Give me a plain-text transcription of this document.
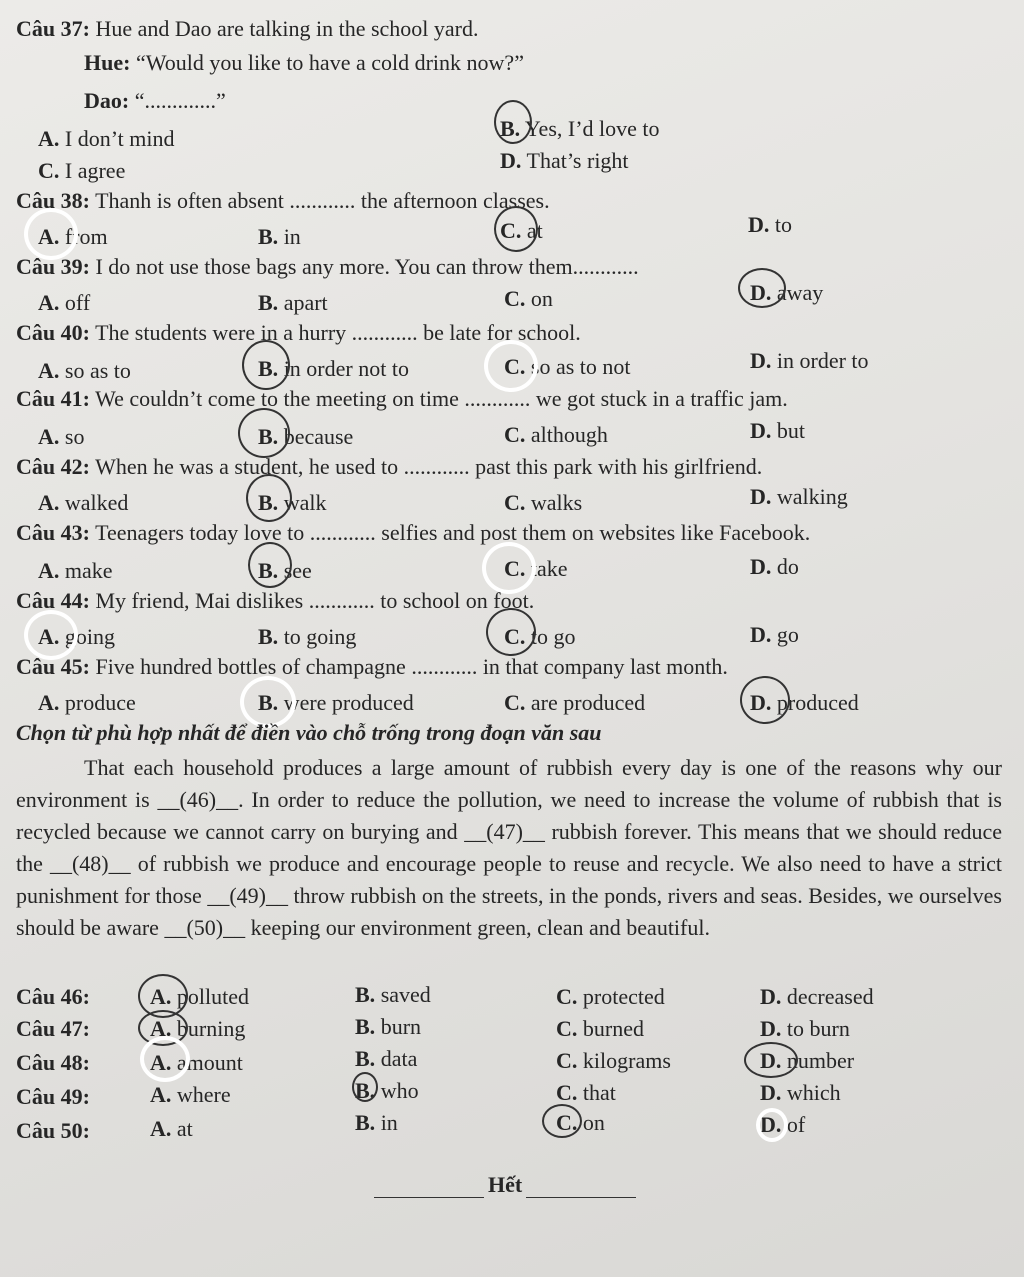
Câu 37: Hue and Dao are talking in the school yard.
Hue: “Would you like to have a cold drink now?”
Dao: “.............”
A. I don’t mind	B. Yes, I’d love to
C. I agree	D. That’s right
Câu 38: Thanh is often absent ............ the afternoon classes.
A. from	B. in	C. at	D. to
Câu 39: I do not use those bags any more. You can throw them............
A. off	B. apart	C. on	D. away
Câu 40: The students were in a hurry ............ be late for school.
A. so as to	B. in order not to	C. so as to not	D. in order to
Câu 41: We couldn’t come to the meeting on time ............ we got stuck in a traffic jam.
A. so	B. because	C. although	D. but
Câu 42: When he was a student, he used to ............ past this park with his girlfriend.
A. walked	B. walk	C. walks	D. walking
Câu 43: Teenagers today love to ............ selfies and post them on websites like Facebook.
A. make	B. see	C. take	D. do
Câu 44: My friend, Mai dislikes ............ to school on foot.
A. going	B. to going	C. to go	D. go
Câu 45: Five hundred bottles of champagne ............ in that company last month.
A. produce	B. were produced	C. are produced	D. produced
Chọn từ phù hợp nhất để điền vào chỗ trống trong đoạn văn sau
That each household produces a large amount of rubbish every day is one of the reasons why our environment is __(46)__. In order to reduce the pollution, we need to increase the volume of rubbish that is recycled because we cannot carry on burying and __(47)__ rubbish forever. This means that we should reduce the __(48)__ of rubbish we produce and encourage people to reuse and recycle. We also need to have a strict punishment for those __(49)__ throw rubbish on the streets, in the ponds, rivers and seas. Besides, we ourselves should be aware __(50)__ keeping our environment green, clean and beautiful.
Câu 46:	A. polluted	B. saved	C. protected	D. decreased
Câu 47:	A. burning	B. burn	C. burned	D. to burn
Câu 48:	A. amount	B. data	C. kilograms	D. number
Câu 49:	A. where	B. who	C. that	D. which
Câu 50:	A. at	B. in	C. on	D. of
Hết
